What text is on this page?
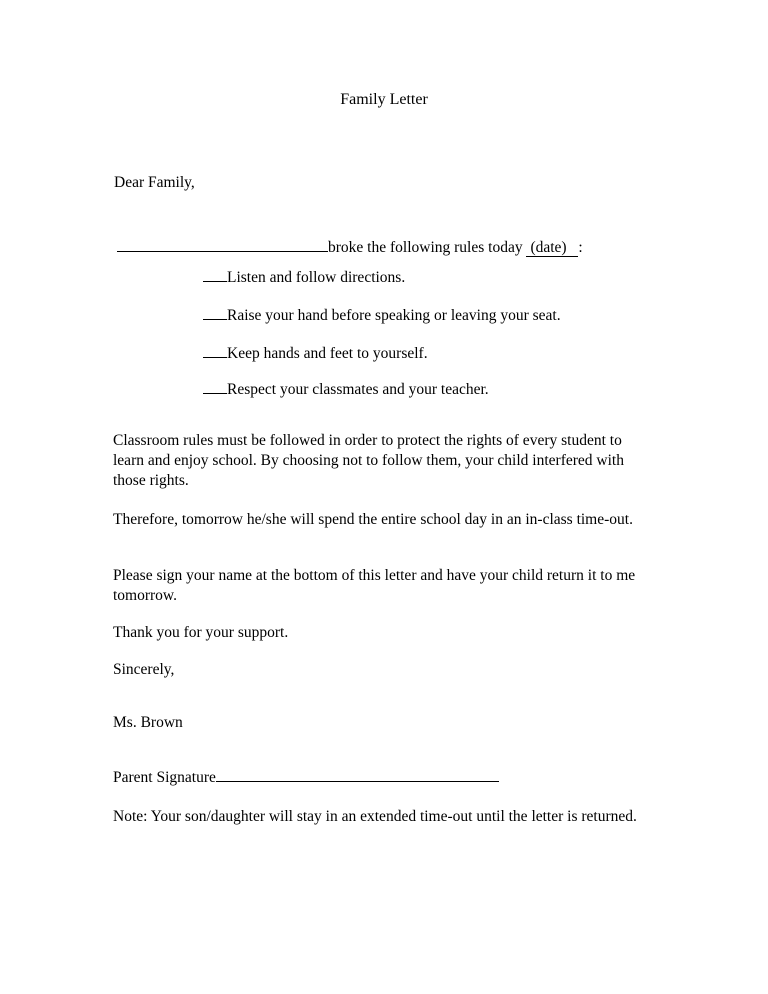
Family Letter
Dear Family,
broke the following rules today (date) :
Listen and follow directions.
Raise your hand before speaking or leaving your seat.
Keep hands and feet to yourself.
Respect your classmates and your teacher.
Classroom rules must be followed in order to protect the rights of every student to learn and enjoy school. By choosing not to follow them, your child interfered with those rights.
Therefore, tomorrow he/she will spend the entire school day in an in-class time-out.
Please sign your name at the bottom of this letter and have your child return it to me tomorrow.
Thank you for your support.
Sincerely,
Ms. Brown
Parent Signature
Note: Your son/daughter will stay in an extended time-out until the letter is returned.
